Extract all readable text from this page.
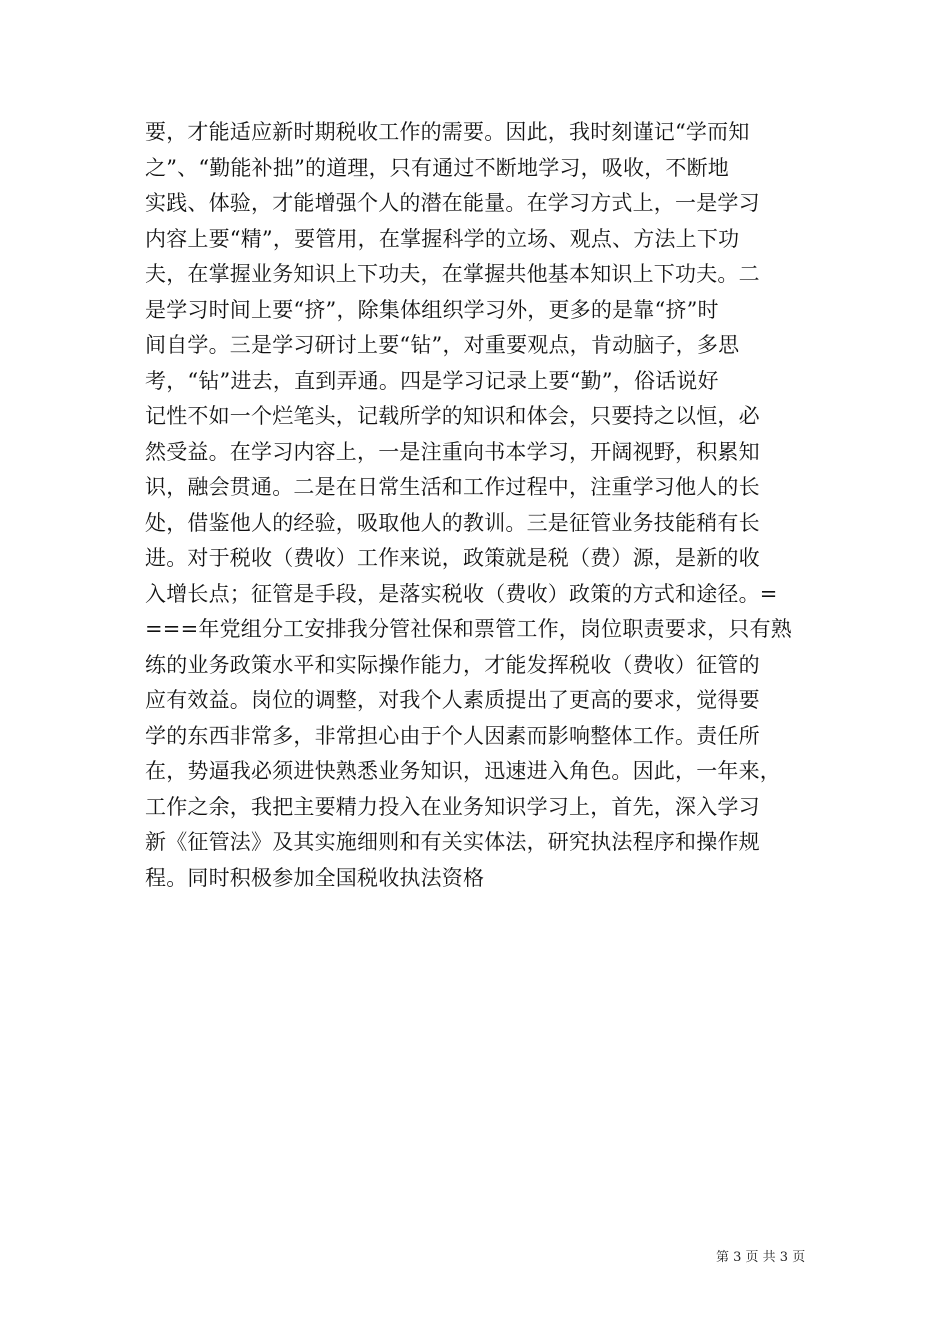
要，才能适应新时期税收工作的需要。因此，我时刻谨记“学而知
之”、“勤能补拙”的道理，只有通过不断地学习，吸收，不断地
实践、体验，才能增强个人的潜在能量。在学习方式上，一是学习
内容上要“精”，要管用，在掌握科学的立场、观点、方法上下功
夫，在掌握业务知识上下功夫，在掌握共他基本知识上下功夫。二
是学习时间上要“挤”，除集体组织学习外，更多的是靠“挤”时
间自学。三是学习研讨上要“钻”，对重要观点，肯动脑子，多思
考，“钻”进去，直到弄通。四是学习记录上要“勤”，俗话说好
记性不如一个烂笔头，记载所学的知识和体会，只要持之以恒，必
然受益。在学习内容上，一是注重向书本学习，开阔视野，积累知
识，融会贯通。二是在日常生活和工作过程中，注重学习他人的长
处，借鉴他人的经验，吸取他人的教训。三是征管业务技能稍有长
进。对于税收（费收）工作来说，政策就是税（费）源，是新的收
入增长点；征管是手段，是落实税收（费收）政策的方式和途径。=
===年党组分工安排我分管社保和票管工作，岗位职责要求，只有熟
练的业务政策水平和实际操作能力，才能发挥税收（费收）征管的
应有效益。岗位的调整，对我个人素质提出了更高的要求，觉得要
学的东西非常多，非常担心由于个人因素而影响整体工作。责任所
在，势逼我必须进快熟悉业务知识，迅速进入角色。因此，一年来，
工作之余，我把主要精力投入在业务知识学习上，首先，深入学习
新《征管法》及其实施细则和有关实体法，研究执法程序和操作规
程。同时积极参加全国税收执法资格
第 3 页 共 3 页
